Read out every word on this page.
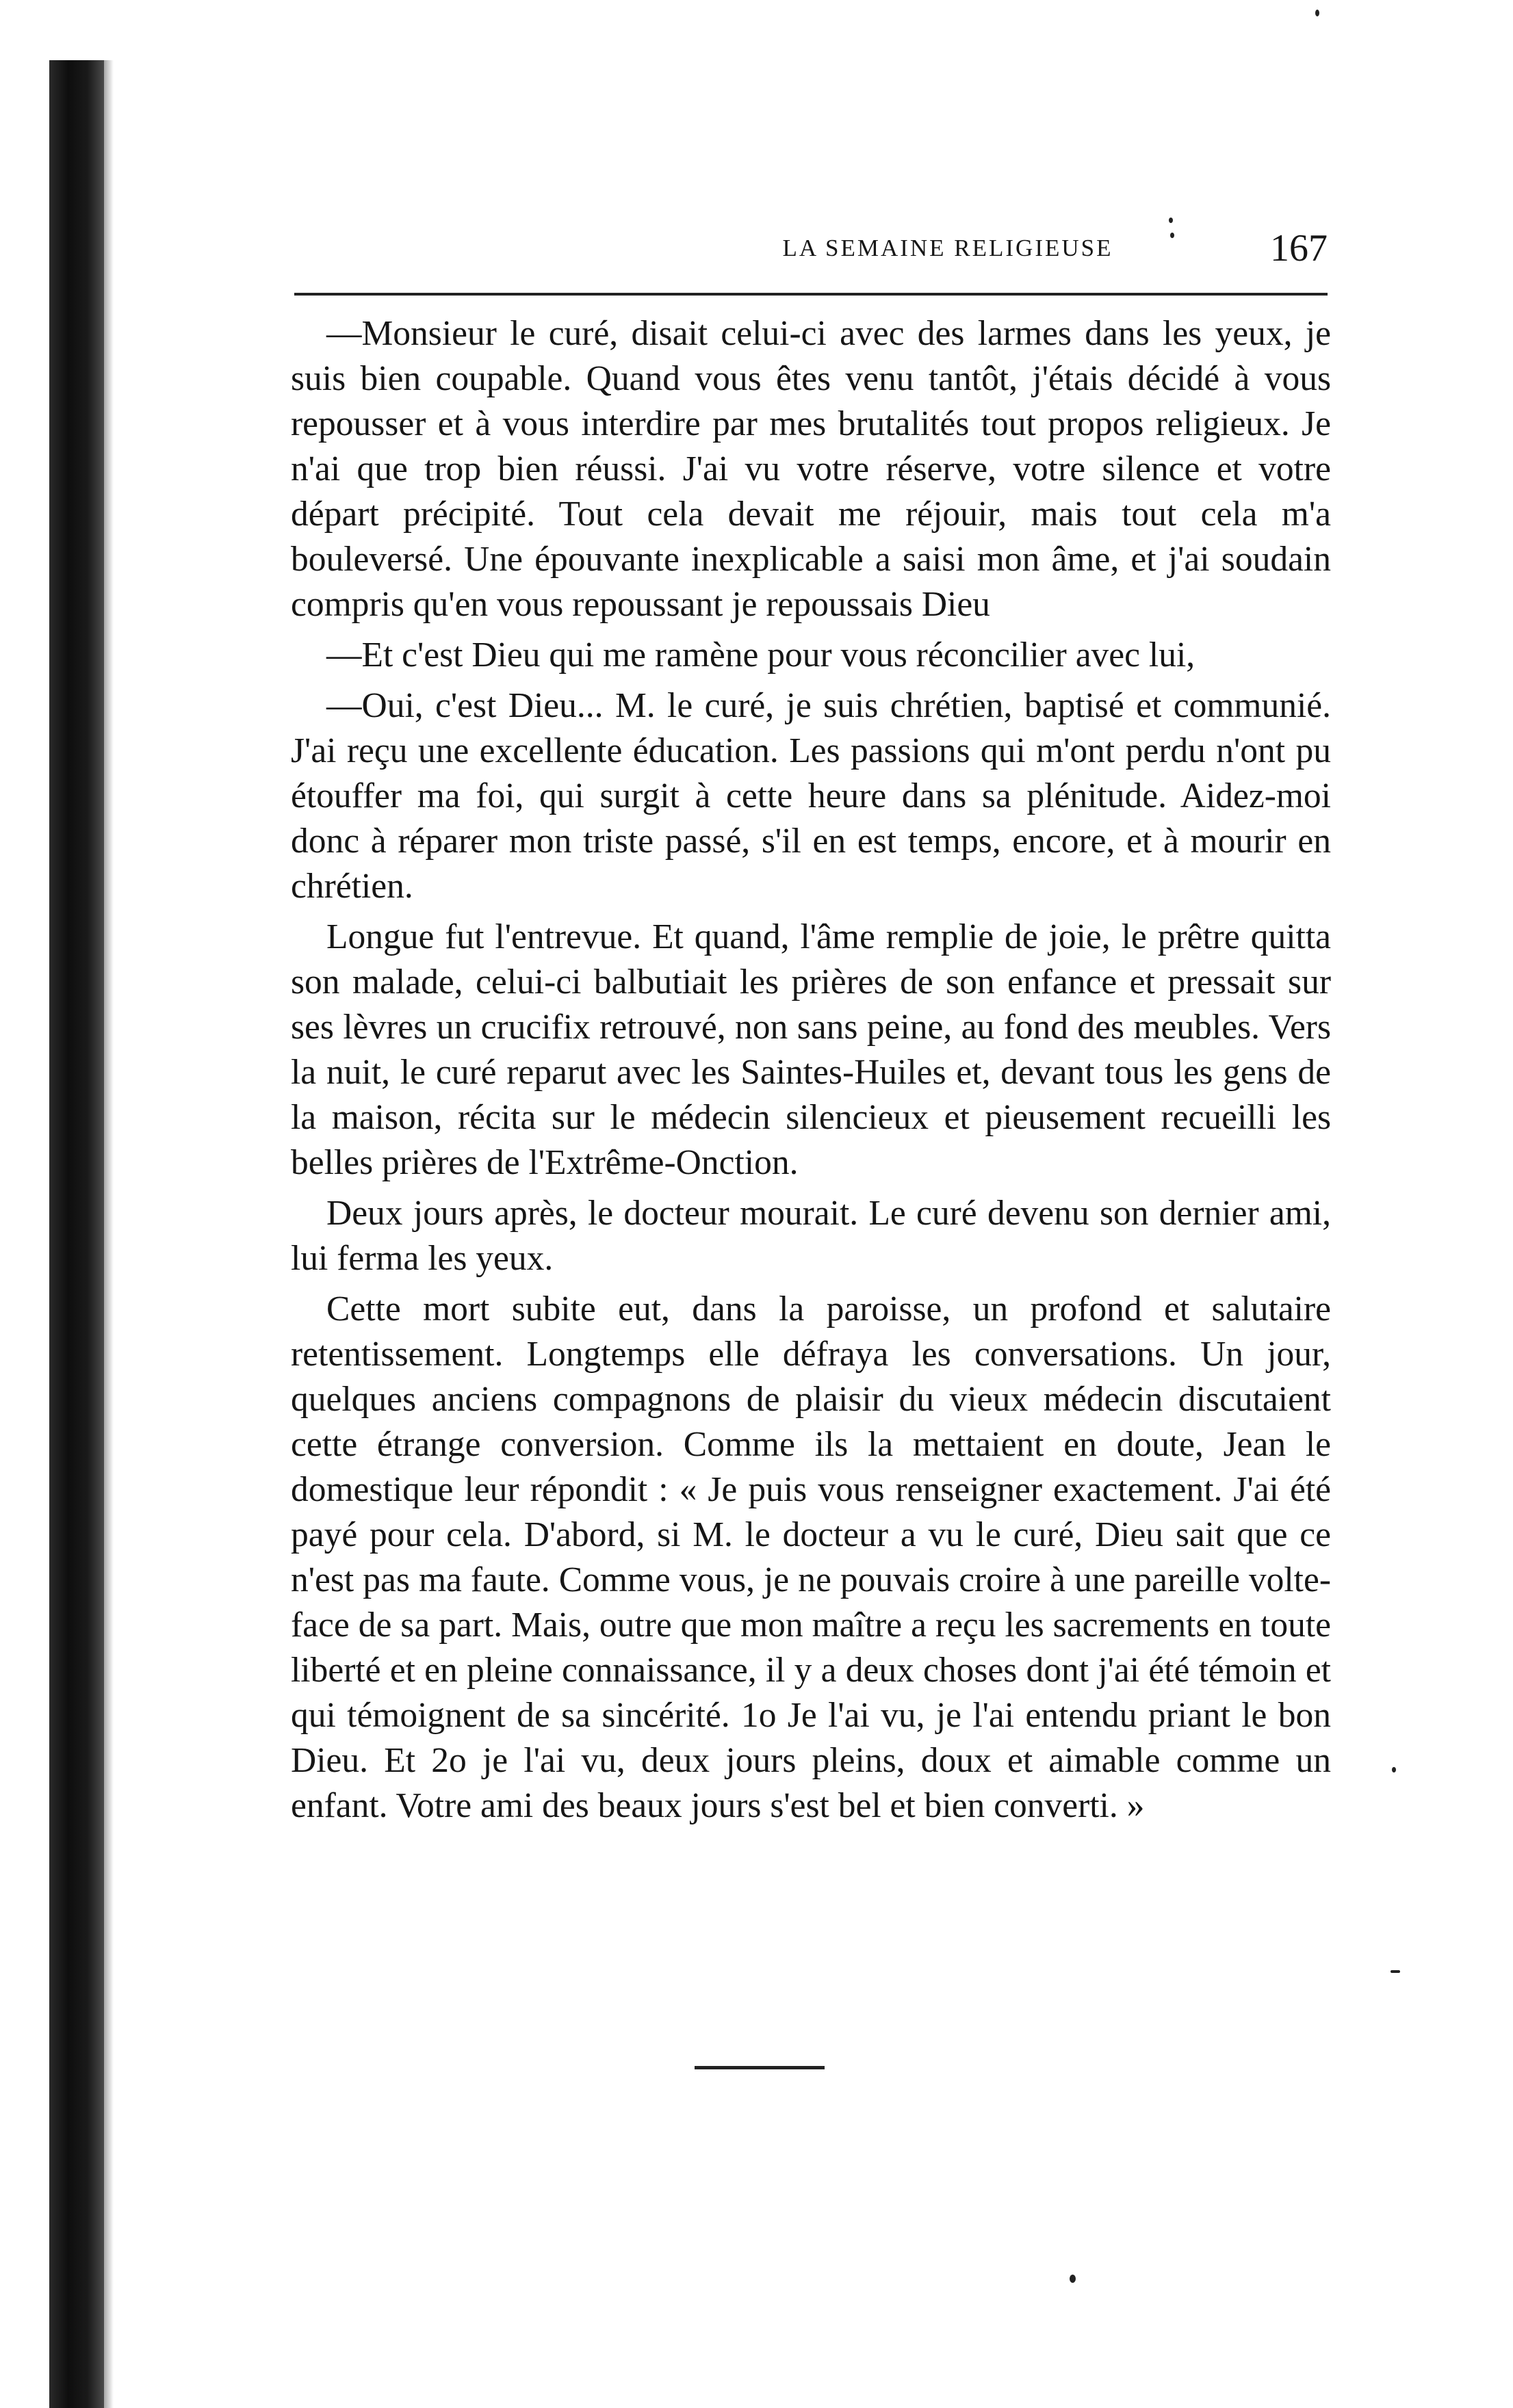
LA SEMAINE RELIGIEUSE	167

—Monsieur le curé, disait celui-ci avec des larmes dans les yeux, je suis bien coupable. Quand vous êtes venu tantôt, j'étais décidé à vous repousser et à vous interdire par mes brutalités tout propos religieux. Je n'ai que trop bien réussi. J'ai vu votre réserve, votre silence et votre départ précipité. Tout cela devait me réjouir, mais tout cela m'a bouleversé. Une épouvante inexplicable a saisi mon âme, et j'ai soudain compris qu'en vous repoussant je repoussais Dieu

—Et c'est Dieu qui me ramène pour vous réconcilier avec lui,

—Oui, c'est Dieu... M. le curé, je suis chrétien, baptisé et communié. J'ai reçu une excellente éducation. Les passions qui m'ont perdu n'ont pu étouffer ma foi, qui surgit à cette heure dans sa plénitude. Aidez-moi donc à réparer mon triste passé, s'il en est temps, encore, et à mourir en chrétien.

Longue fut l'entrevue. Et quand, l'âme remplie de joie, le prêtre quitta son malade, celui-ci balbutiait les prières de son enfance et pressait sur ses lèvres un crucifix retrouvé, non sans peine, au fond des meubles. Vers la nuit, le curé reparut avec les Saintes-Huiles et, devant tous les gens de la maison, récita sur le médecin silencieux et pieusement recueilli les belles prières de l'Extrême-Onction.

Deux jours après, le docteur mourait. Le curé devenu son dernier ami, lui ferma les yeux.

Cette mort subite eut, dans la paroisse, un profond et salutaire retentissement. Longtemps elle défraya les conversations. Un jour, quelques anciens compagnons de plaisir du vieux médecin discutaient cette étrange conversion. Comme ils la mettaient en doute, Jean le domestique leur répondit : « Je puis vous renseigner exactement. J'ai été payé pour cela. D'abord, si M. le docteur a vu le curé, Dieu sait que ce n'est pas ma faute. Comme vous, je ne pouvais croire à une pareille volte-face de sa part. Mais, outre que mon maître a reçu les sacrements en toute liberté et en pleine connaissance, il y a deux choses dont j'ai été témoin et qui témoignent de sa sincérité. 1o Je l'ai vu, je l'ai entendu priant le bon Dieu. Et 2o je l'ai vu, deux jours pleins, doux et aimable comme un enfant. Votre ami des beaux jours s'est bel et bien converti. »
